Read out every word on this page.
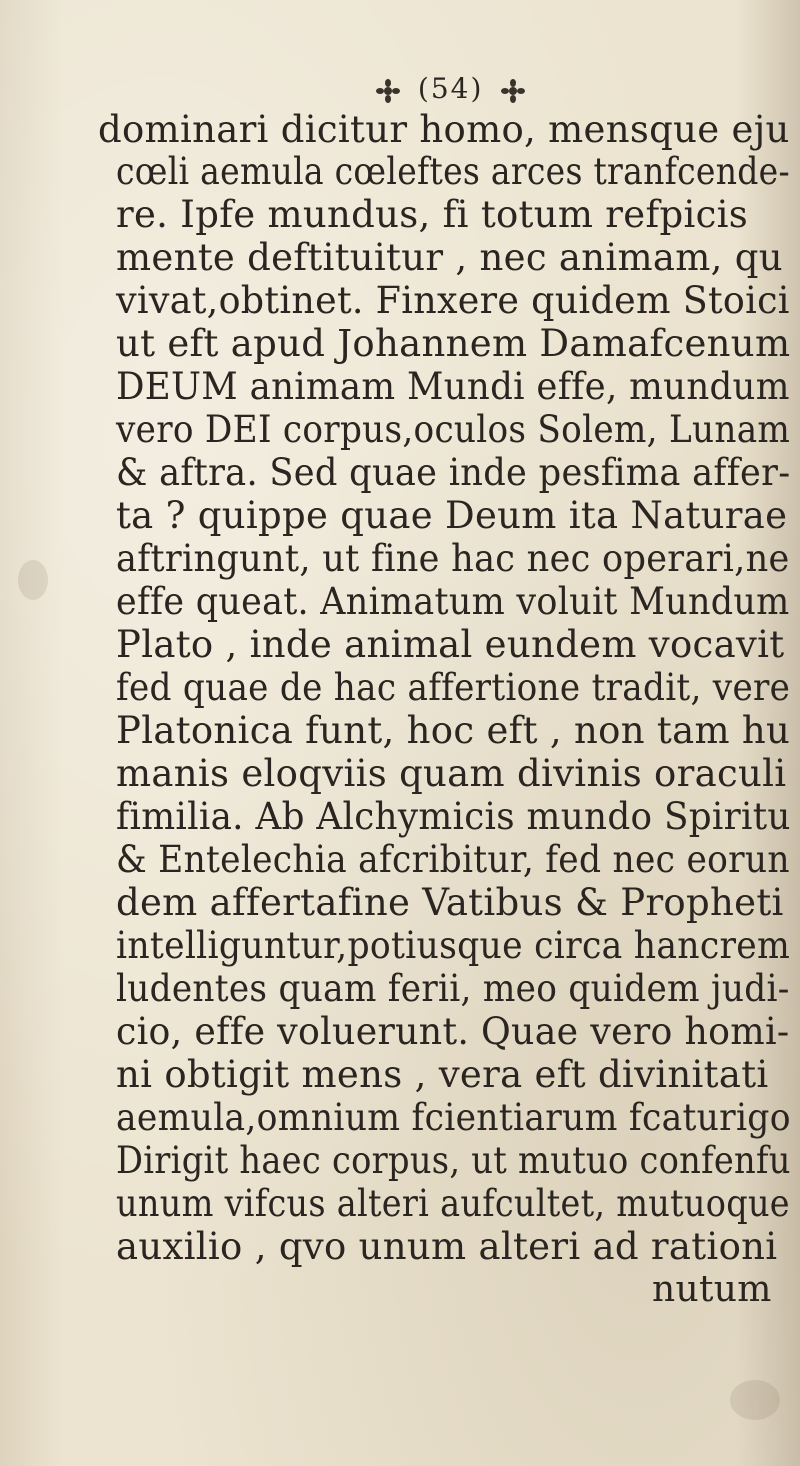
(54)
dominari dicitur homo, mensque eju
cœli aemula cœleftes arces tranfcende-
re. Ipfe mundus, fi totum refpicis
mente deftituitur , nec animam, qu
vivat,obtinet. Finxere quidem Stoici
ut eft apud Johannem Damafcenum
DEUM animam Mundi effe, mundum
vero DEI corpus,oculos Solem, Lunam
& aftra. Sed quae inde pesfima affer-
ta ? quippe quae Deum ita Naturae
aftringunt, ut fine hac nec operari,ne
effe queat. Animatum voluit Mundum
Plato , inde animal eundem vocavit
fed quae de hac affertione tradit, vere
Platonica funt, hoc eft , non tam hu
manis eloqviis quam divinis oraculi
fimilia. Ab Alchymicis mundo Spiritu
& Entelechia afcribitur, fed nec eorun
dem affertafine Vatibus & Propheti
intelliguntur,potiusque circa hancrem
ludentes quam ferii, meo quidem judi-
cio, effe voluerunt. Quae vero homi-
ni obtigit mens , vera eft divinitati
aemula,omnium fcientiarum fcaturigo
Dirigit haec corpus, ut mutuo confenfu
unum vifcus alteri aufcultet, mutuoque
auxilio , qvo unum alteri ad rationi
nutum
